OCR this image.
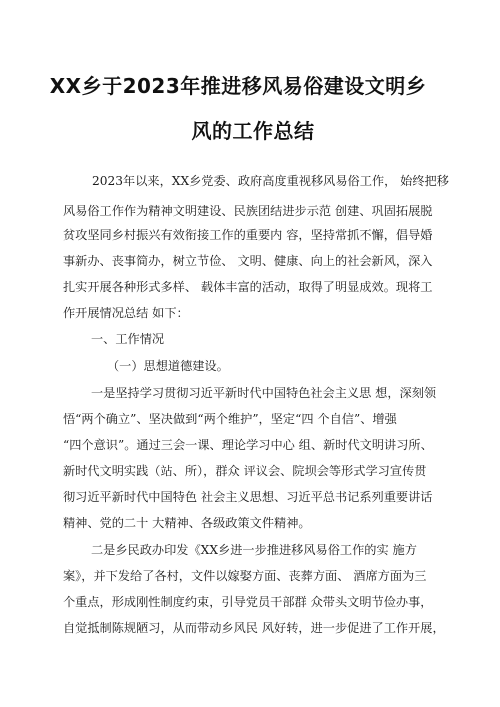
XX乡于2023年推进移风易俗建设文明乡
风的工作总结
2023年以来，XX乡党委、政府高度重视移风易俗工作， 始终把移
风易俗工作作为精神文明建设、民族团结进步示范 创建、巩固拓展脱
贫攻坚同乡村振兴有效衔接工作的重要内 容，坚持常抓不懈，倡导婚
事新办、丧事简办，树立节俭、 文明、健康、向上的社会新风，深入
扎实开展各种形式多样、 载体丰富的活动，取得了明显成效。现将工
作开展情况总结 如下：
一、工作情况
（一）思想道德建设。
一是坚持学习贯彻习近平新时代中国特色社会主义思 想，深刻领
悟“两个确立”、坚决做到“两个维护”，坚定“四 个自信”、增强
“四个意识”。通过三会一课、理论学习中心 组、新时代文明讲习所、
新时代文明实践（站、所），群众 评议会、院坝会等形式学习宣传贯
彻习近平新时代中国特色 社会主义思想、习近平总书记系列重要讲话
精神、党的二十 大精神、各级政策文件精神。
二是乡民政办印发《XX乡进一步推进移风易俗工作的实 施方
案》，并下发给了各村，文件以嫁娶方面、丧葬方面、 酒席方面为三
个重点，形成刚性制度约束，引导党员干部群 众带头文明节俭办事，
自觉抵制陈规陋习，从而带动乡风民 风好转，进一步促进了工作开展，
